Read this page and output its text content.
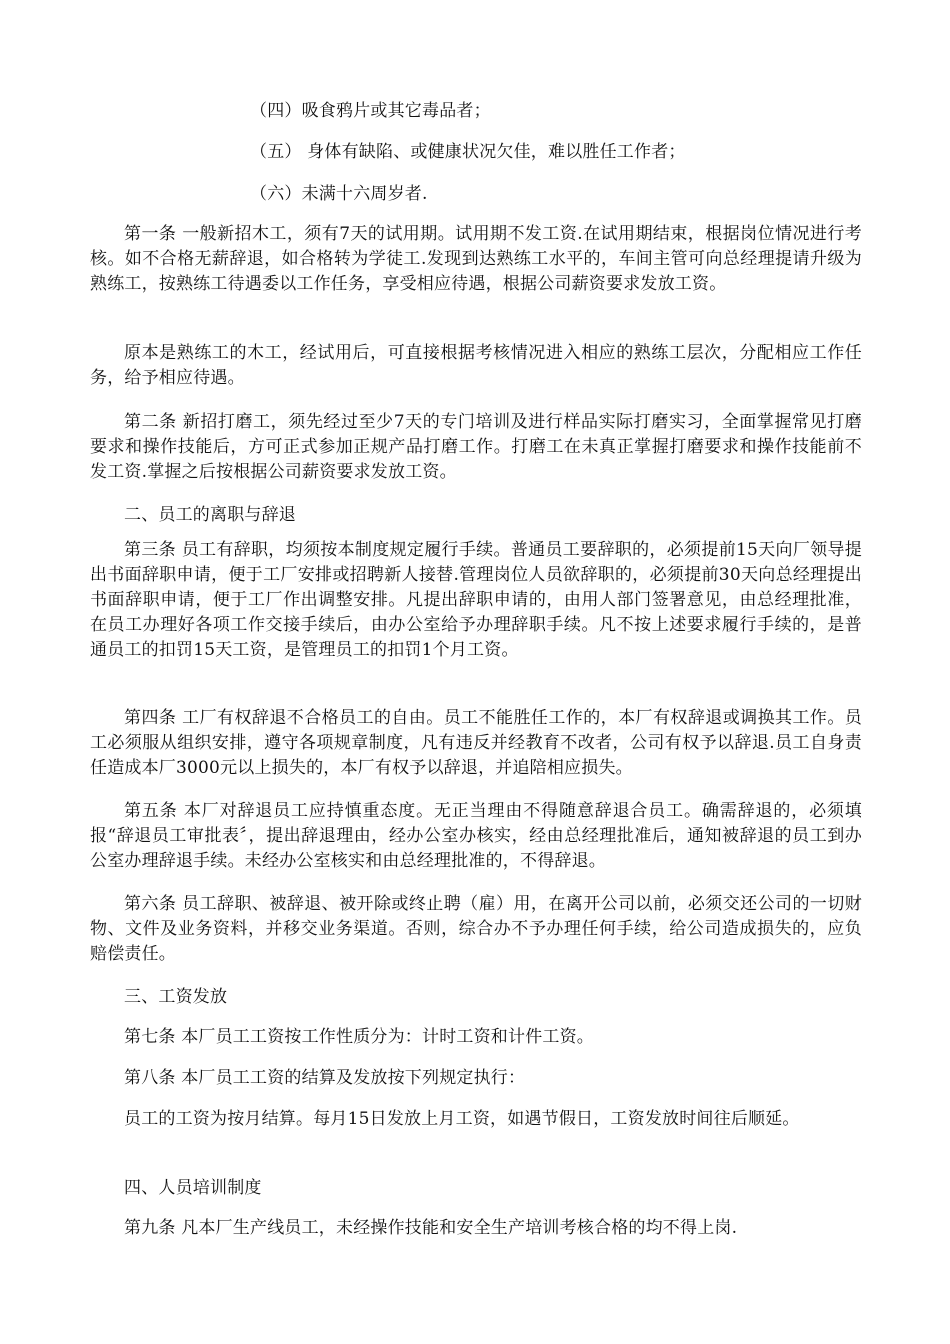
（四）吸食鸦片或其它毒品者；

（五） 身体有缺陷、或健康状况欠佳，难以胜任工作者；

（六）未满十六周岁者.

第一条 一般新招木工，须有7天的试用期。试用期不发工资.在试用期结束，根据岗位情况进行考核。如不合格无薪辞退，如合格转为学徒工.发现到达熟练工水平的，车间主管可向总经理提请升级为熟练工，按熟练工待遇委以工作任务，享受相应待遇，根据公司薪资要求发放工资。

原本是熟练工的木工，经试用后，可直接根据考核情况进入相应的熟练工层次，分配相应工作任务，给予相应待遇。

第二条 新招打磨工，须先经过至少7天的专门培训及进行样品实际打磨实习，全面掌握常见打磨要求和操作技能后，方可正式参加正规产品打磨工作。打磨工在未真正掌握打磨要求和操作技能前不发工资.掌握之后按根据公司薪资要求发放工资。

二、员工的离职与辞退

第三条 员工有辞职，均须按本制度规定履行手续。普通员工要辞职的，必须提前15天向厂领导提出书面辞职申请，便于工厂安排或招聘新人接替.管理岗位人员欲辞职的，必须提前30天向总经理提出书面辞职申请，便于工厂作出调整安排。凡提出辞职申请的，由用人部门签署意见，由总经理批准，在员工办理好各项工作交接手续后，由办公室给予办理辞职手续。凡不按上述要求履行手续的，是普通员工的扣罚15天工资，是管理员工的扣罚1个月工资。

第四条 工厂有权辞退不合格员工的自由。员工不能胜任工作的，本厂有权辞退或调换其工作。员工必须服从组织安排，遵守各项规章制度，凡有违反并经教育不改者，公司有权予以辞退.员工自身责任造成本厂3000元以上损失的，本厂有权予以辞退，并追陪相应损失。

第五条 本厂对辞退员工应持慎重态度。无正当理由不得随意辞退合员工。确需辞退的，必须填报“辞退员工审批表〞，提出辞退理由，经办公室办核实，经由总经理批准后，通知被辞退的员工到办公室办理辞退手续。未经办公室核实和由总经理批准的，不得辞退。

第六条 员工辞职、被辞退、被开除或终止聘（雇）用，在离开公司以前，必须交还公司的一切财物、文件及业务资料，并移交业务渠道。否则，综合办不予办理任何手续，给公司造成损失的，应负赔偿责任。

三、工资发放

第七条 本厂员工工资按工作性质分为：计时工资和计件工资。

第八条 本厂员工工资的结算及发放按下列规定执行：

员工的工资为按月结算。每月15日发放上月工资，如遇节假日，工资发放时间往后顺延。

四、人员培训制度

第九条 凡本厂生产线员工，未经操作技能和安全生产培训考核合格的均不得上岗.
